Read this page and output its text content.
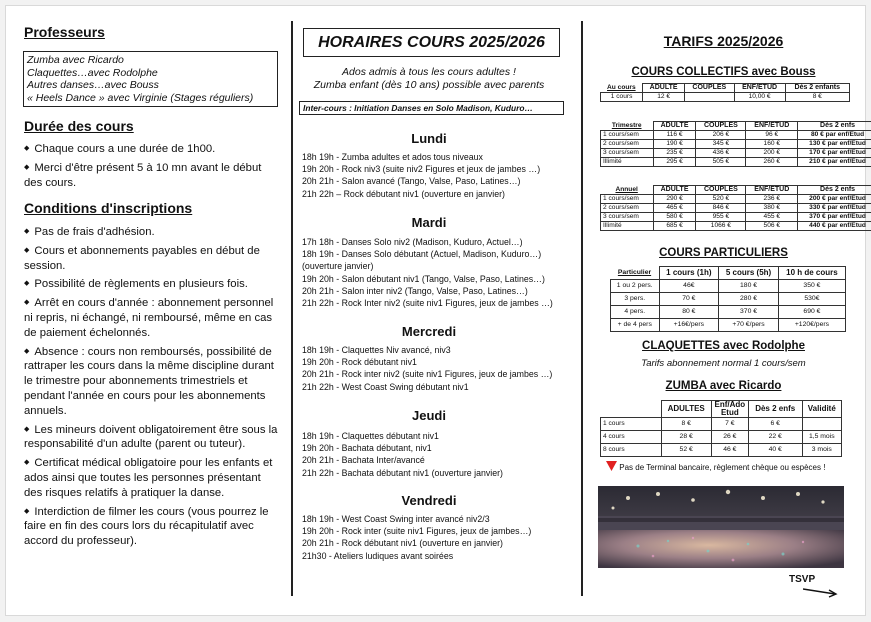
Professeurs
Zumba avec Ricardo
Claquettes…avec Rodolphe
Autres danses…avec Bouss
« Heels Dance » avec Virginie (Stages réguliers)
Durée des cours
◆ Chaque cours a une durée de 1h00.
◆ Merci d'être présent 5 à 10 mn avant le début des cours.
Conditions d'inscriptions
◆ Pas de frais d'adhésion.
◆ Cours et abonnements payables en début de session.
◆ Possibilité de règlements en plusieurs fois.
◆ Arrêt en cours d'année : abonnement personnel ni repris, ni échangé, ni remboursé, même en cas de paiement échelonnés.
◆ Absence : cours non remboursés, possibilité de rattraper les cours dans la même discipline durant le trimestre pour abonnements trimestriels et pendant l'année en cours pour les abonnements annuels.
◆ Les mineurs doivent obligatoirement être sous la responsabilité d'un adulte (parent ou tuteur).
◆ Certificat médical obligatoire pour les enfants et ados ainsi que toutes les personnes présentant des risques relatifs à pratiquer la danse.
◆ Interdiction de filmer les cours (vous pourrez le faire en fin des cours lors du récapitulatif avec accord du professeur).
HORAIRES COURS 2025/2026
Ados admis à tous les cours adultes !
Zumba enfant (dès 10 ans) possible avec parents
Inter-cours : Initiation Danses en Solo Madison, Kuduro…
Lundi
18h 19h - Zumba adultes et ados tous niveaux
19h 20h - Rock niv3 (suite niv2 Figures et jeux de jambes …)
20h 21h - Salon avancé (Tango, Valse, Paso, Latines…)
21h 22h – Rock débutant niv1 (ouverture en janvier)
Mardi
17h 18h - Danses Solo niv2 (Madison, Kuduro, Actuel…)
18h 19h - Danses Solo débutant (Actuel, Madison, Kuduro…)
(ouverture janvier)
19h 20h - Salon débutant niv1 (Tango, Valse, Paso, Latines…)
20h 21h - Salon inter niv2 (Tango, Valse, Paso, Latines…)
21h 22h - Rock Inter niv2 (suite niv1 Figures, jeux de jambes …)
Mercredi
18h 19h - Claquettes Niv avancé, niv3
19h 20h - Rock débutant niv1
20h 21h - Rock inter niv2 (suite niv1 Figures, jeux de jambes …)
21h 22h - West Coast Swing débutant niv1
Jeudi
18h 19h - Claquettes débutant niv1
19h 20h - Bachata débutant, niv1
20h 21h - Bachata Inter/avancé
21h 22h - Bachata débutant niv1 (ouverture janvier)
Vendredi
18h 19h - West Coast Swing inter avancé niv2/3
19h 20h - Rock inter (suite niv1 Figures, jeux de jambes…)
20h 21h - Rock débutant niv1 (ouverture en janvier)
21h30 - Ateliers ludiques avant soirées
TARIFS 2025/2026
COURS COLLECTIFS avec Bouss
Au cours	ADULTE	COUPLES	ENF/ETUD	Dès 2 enfants
1 cours	12 €		10,00 €	8 €
Trimestre	ADULTE	COUPLES	ENF/ETUD	Dès 2 enfs
1 cours/sem	116 €	206 €	96 €	80 € par enf/Etud
2 cours/sem	190 €	345 €	160 €	130 € par enf/Etud
3 cours/sem	235 €	436 €	200 €	170 € par enf/Etud
Illimité	295 €	505 €	260 €	210 € par enf/Etud
Annuel	ADULTE	COUPLES	ENF/ETUD	Dès 2 enfs
1 cours/sem	290 €	520 €	236 €	200 € par enf/Etud
2 cours/sem	465 €	846 €	380 €	330 € par enf/Etud
3 cours/sem	580 €	955 €	455 €	370 € par enf/Etud
Illimité	685 €	1066 €	506 €	440 € par enf/Etud
COURS PARTICULIERS
Particulier	1 cours (1h)	5 cours (5h)	10 h de cours
1 ou 2 pers.	46€	180 €	350 €
3 pers.	70 €	280 €	530€
4 pers.	80 €	370 €	690 €
+ de 4 pers	+16€/pers	+70 €/pers	+120€/pers
CLAQUETTES avec Rodolphe
Tarifs abonnement normal 1 cours/sem
ZUMBA avec Ricardo
	ADULTES	Enf/Ado Etud	Dès 2 enfs	Validité
1 cours	8 €	7 €	6 €	
4 cours	28 €	26 €	22 €	1,5 mois
8 cours	52 €	46 €	40 €	3 mois
Pas de Terminal bancaire, règlement chèque ou espèces !
TSVP
